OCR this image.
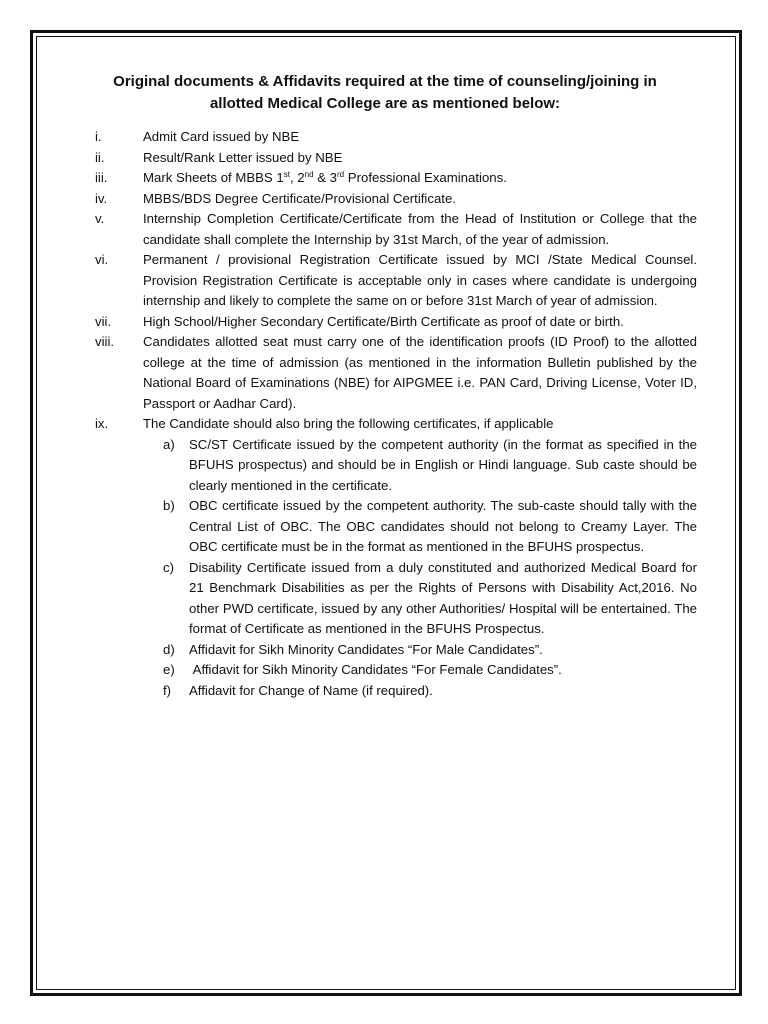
Original documents & Affidavits required at the time of counseling/joining in
allotted Medical College are as mentioned below:
i.	Admit Card issued by NBE
ii.	Result/Rank Letter issued by NBE
iii.	Mark Sheets of MBBS 1st, 2nd & 3rd Professional Examinations.
iv.	MBBS/BDS Degree Certificate/Provisional Certificate.
v.	Internship Completion Certificate/Certificate from the Head of Institution or College that the candidate shall complete the Internship by 31st March, of the year of admission.
vi.	Permanent / provisional Registration Certificate issued by MCI /State Medical Counsel. Provision Registration Certificate is acceptable only in cases where candidate is undergoing internship and likely to complete the same on or before 31st March of year of admission.
vii.	High School/Higher Secondary Certificate/Birth Certificate as proof of date or birth.
viii.	Candidates allotted seat must carry one of the identification proofs (ID Proof) to the allotted college at the time of admission (as mentioned in the information Bulletin published by the National Board of Examinations (NBE) for AIPGMEE i.e. PAN Card, Driving License, Voter ID, Passport or Aadhar Card).
ix.	The Candidate should also bring the following certificates, if applicable
a)	SC/ST Certificate issued by the competent authority (in the format as specified in the BFUHS prospectus) and should be in English or Hindi language. Sub caste should be clearly mentioned in the certificate.
b)	OBC certificate issued by the competent authority. The sub-caste should tally with the Central List of OBC. The OBC candidates should not belong to Creamy Layer. The OBC certificate must be in the format as mentioned in the BFUHS prospectus.
c)	Disability Certificate issued from a duly constituted and authorized Medical Board for 21 Benchmark Disabilities as per the Rights of Persons with Disability Act,2016. No other PWD certificate, issued by any other Authorities/ Hospital will be entertained. The format of Certificate as mentioned in the BFUHS Prospectus.
d)	Affidavit for Sikh Minority Candidates “For Male Candidates”.
e)	Affidavit for Sikh Minority Candidates “For Female Candidates”.
f)	Affidavit for Change of Name (if required).
